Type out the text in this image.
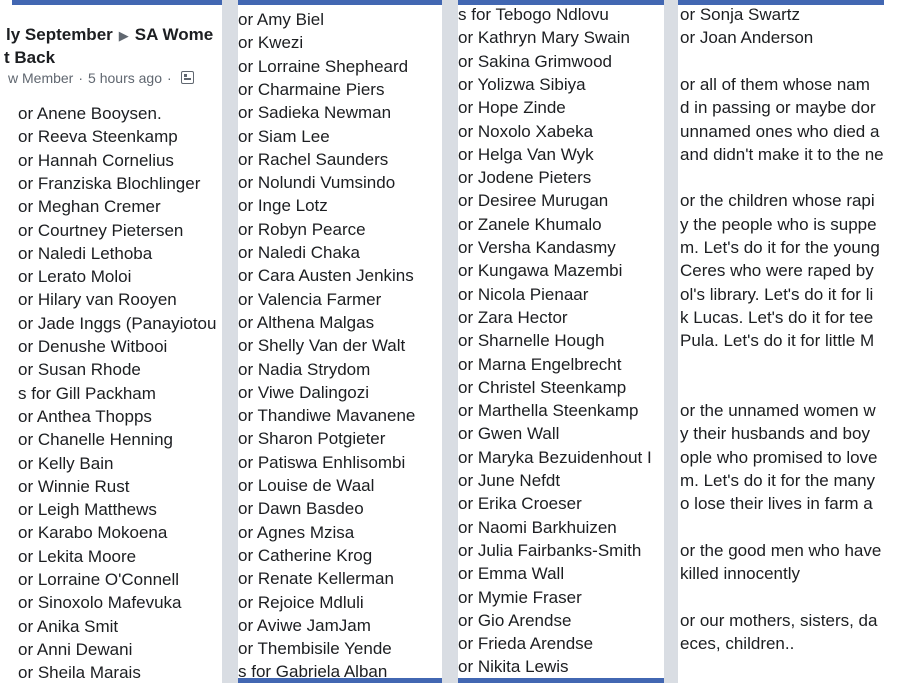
ly September ▶ SA Wome
t Back
w Member · 5 hours ago ·
or Anene Booysen.
or Reeva Steenkamp
or Hannah Cornelius
or Franziska Blochlinger
or Meghan Cremer
or Courtney Pietersen
or Naledi Lethoba
or Lerato Moloi
or Hilary van Rooyen
or Jade Inggs (Panayiotou
or Denushe Witbooi
or Susan Rhode
s for Gill Packham
or Anthea Thopps
or Chanelle Henning
or Kelly Bain
or Winnie Rust
or Leigh Matthews
or Karabo Mokoena
or Lekita Moore
or Lorraine O'Connell
or Sinoxolo Mafevuka
or Anika Smit
or Anni Dewani
or Sheila Marais
or Amy Biel
or Kwezi
or Lorraine Shepheard
or Charmaine Piers
or Sadieka Newman
or Siam Lee
or Rachel Saunders
or Nolundi Vumsindo
or Inge Lotz
or Robyn Pearce
or Naledi Chaka
or Cara Austen Jenkins
or Valencia Farmer
or Althena Malgas
or Shelly Van der Walt
or Nadia Strydom
or Viwe Dalingozi
or Thandiwe Mavanene
or Sharon Potgieter
or Patiswa Enhlisombi
or Louise de Waal
or Dawn Basdeo
or Agnes Mzisa
or Catherine Krog
or Renate Kellerman
or Rejoice Mdluli
or Aviwe JamJam
or Thembisile Yende
s for Gabriela Alban
s for Tebogo Ndlovu
or Kathryn Mary Swain
or Sakina Grimwood
or Yolizwa Sibiya
or Hope Zinde
or Noxolo Xabeka
or Helga Van Wyk
or Jodene Pieters
or Desiree Murugan
or Zanele Khumalo
or Versha Kandasmy
or Kungawa Mazembi
or Nicola Pienaar
or Zara Hector
or Sharnelle Hough
or Marna Engelbrecht
or Christel Steenkamp
or Marthella Steenkamp
or Gwen Wall
or Maryka Bezuidenhout I
or June Nefdt
or Erika Croeser
or Naomi Barkhuizen
or Julia Fairbanks-Smith
or Emma Wall
or Mymie Fraser
or Gio Arendse
or Frieda Arendse
or Nikita Lewis
or Sonja Swartz
or Joan Anderson
or all of them whose nam
d in passing or maybe dor
unnamed ones who died a
and didn't make it to the ne
or the children whose rapi
y the people who is suppe
m. Let's do it for the young
Ceres who were raped by
ol's library. Let's do it for li
k Lucas. Let's do it for tee
Pula. Let's do it for little M
or the unnamed women w
y their husbands and boy
ople who promised to love
m. Let's do it for the many
o lose their lives in farm a
or the good men who have
killed innocently
or our mothers, sisters, da
eces, children..
